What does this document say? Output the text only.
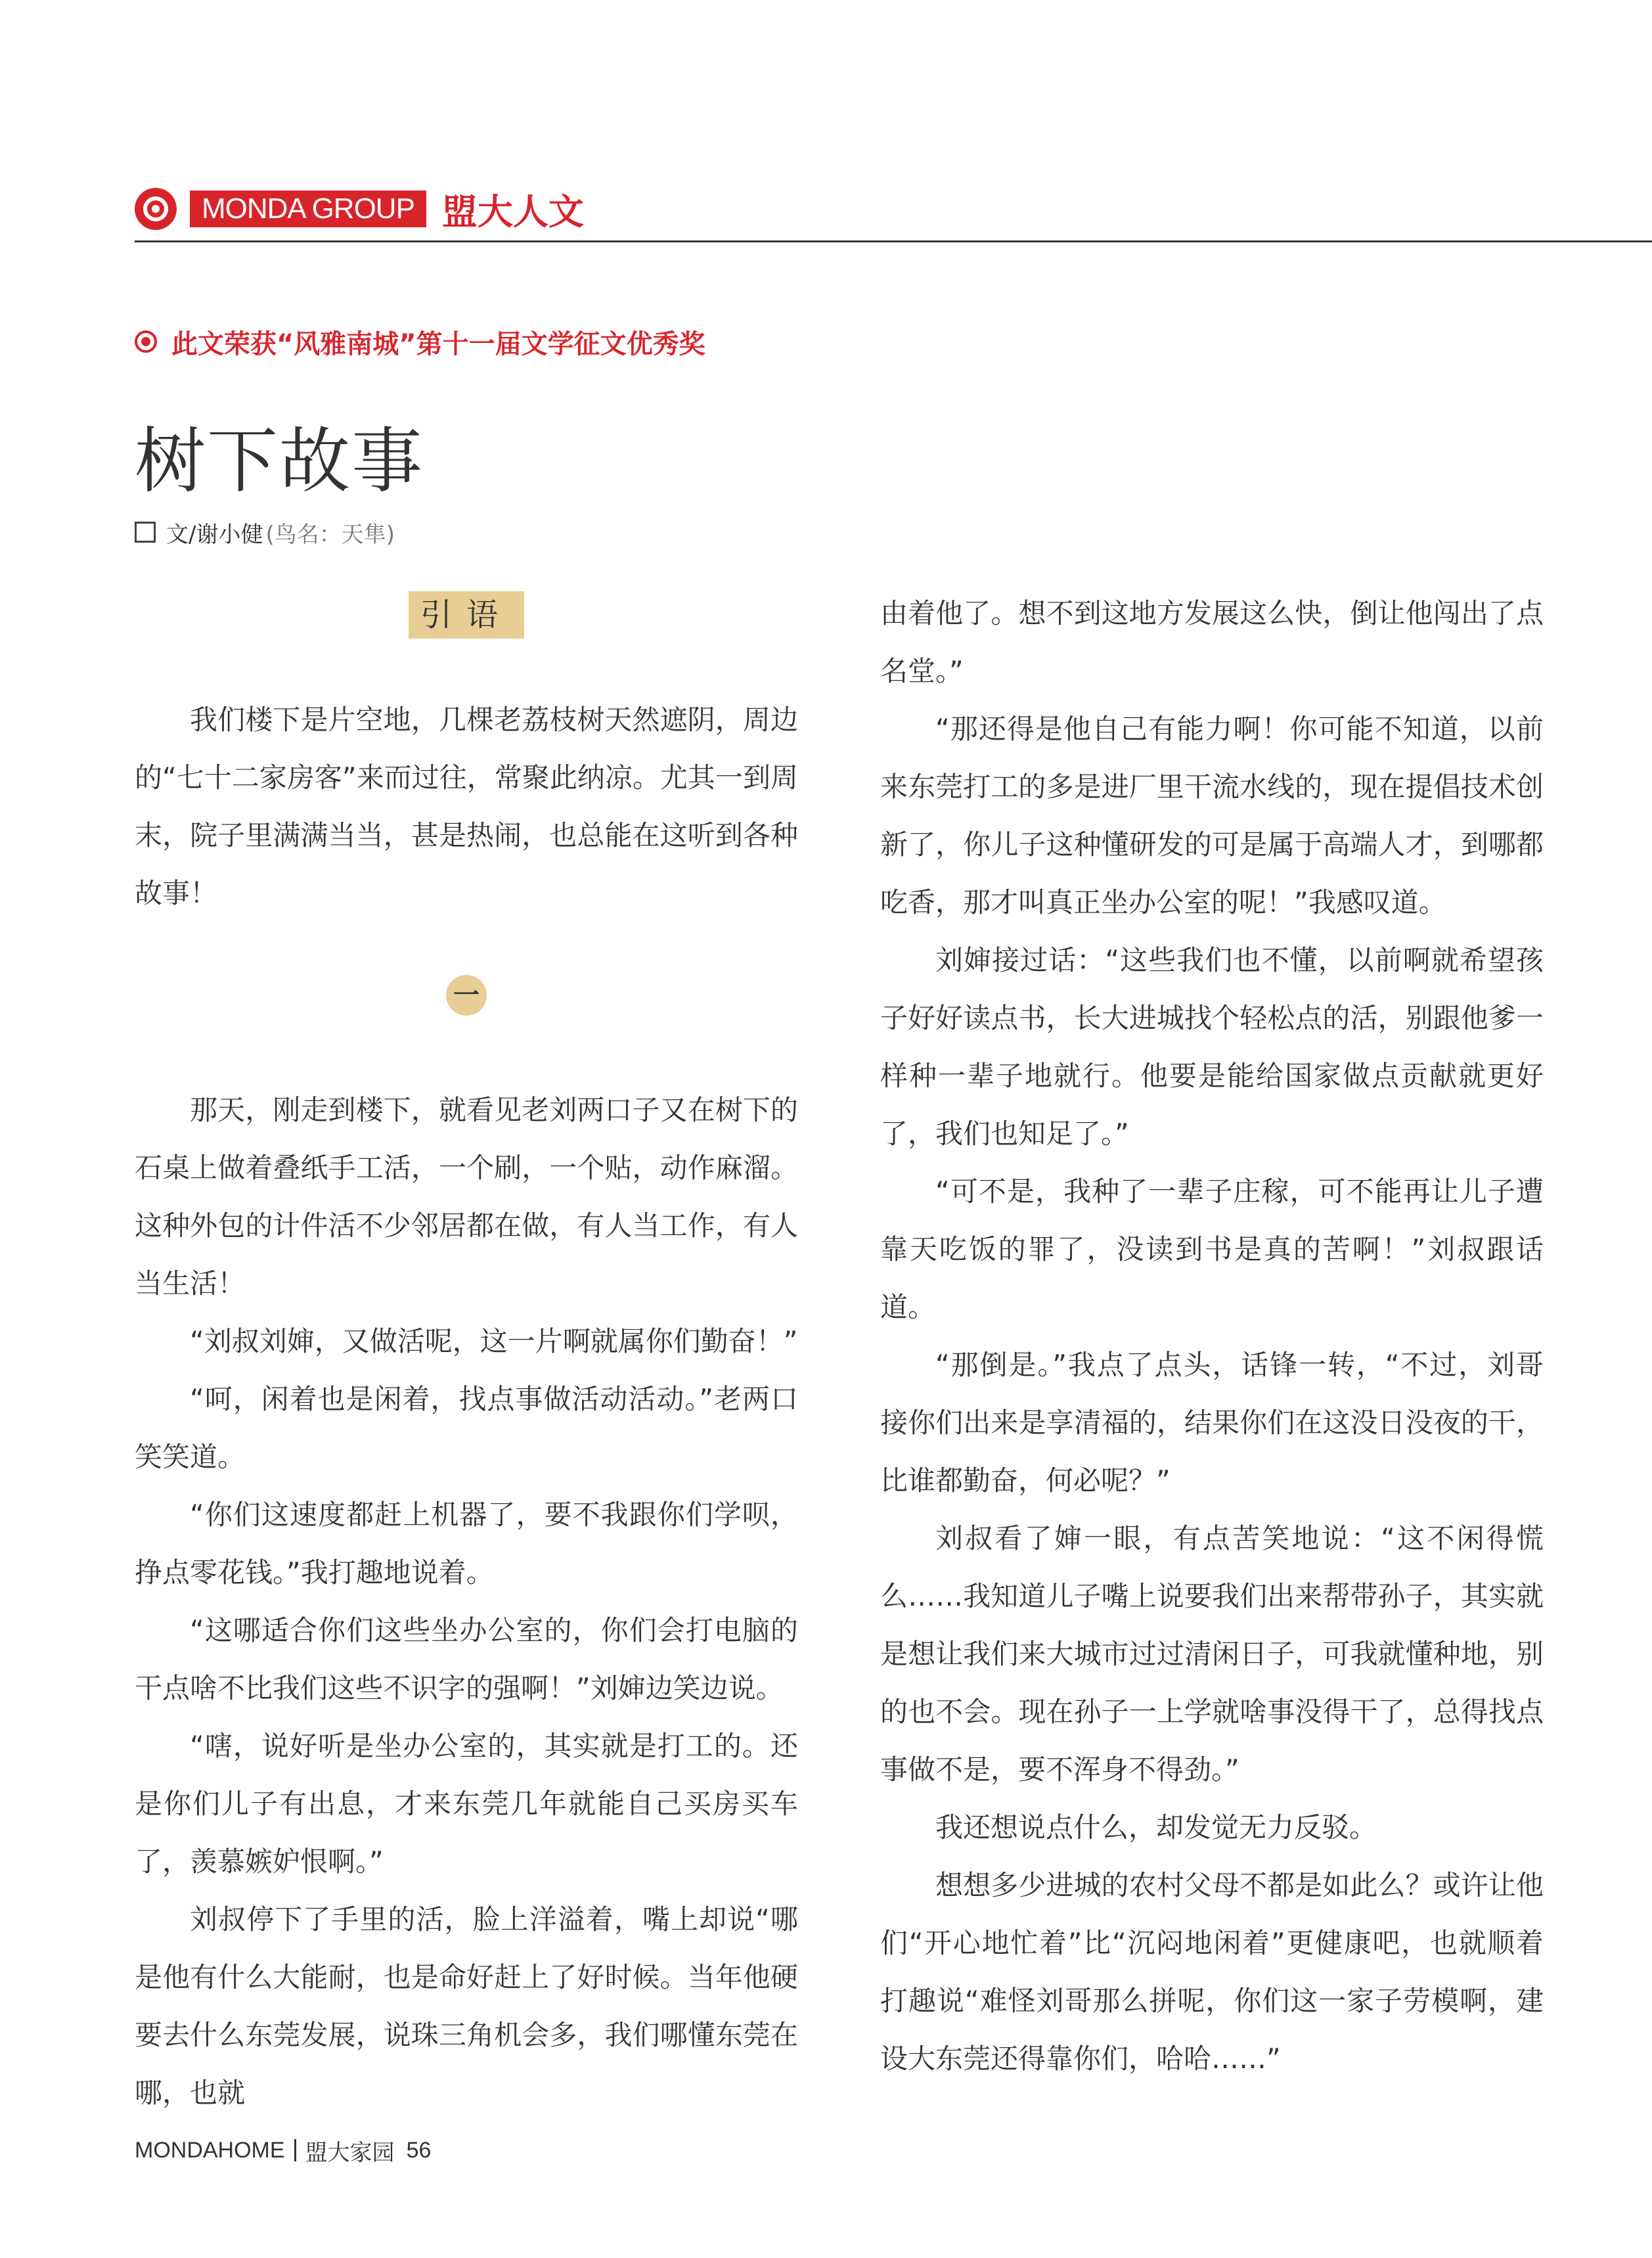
MONDA GROUP 盟大人文
此文荣获“风雅南城”第十一届文学征文优秀奖
树下故事
文/谢小健 (鸟名：天隼)
引语

我们楼下是片空地，几棵老荔枝树天然遮阴，周边的“七十二家房客”来而过往，常聚此纳凉。尤其一到周末，院子里满满当当，甚是热闹，也总能在这听到各种故事！

一

那天，刚走到楼下，就看见老刘两口子又在树下的石桌上做着叠纸手工活，一个刷，一个贴，动作麻溜。这种外包的计件活不少邻居都在做，有人当工作，有人当生活！

“刘叔刘婶，又做活呢，这一片啊就属你们勤奋！”

“呵，闲着也是闲着，找点事做活动活动。”老两口笑笑道。

“你们这速度都赶上机器了，要不我跟你们学呗，挣点零花钱。”我打趣地说着。

“这哪适合你们这些坐办公室的，你们会打电脑的干点啥不比我们这些不识字的强啊！”刘婶边笑边说。

“嗐，说好听是坐办公室的，其实就是打工的。还是你们儿子有出息，才来东莞几年就能自己买房买车了，羡慕嫉妒恨啊。”

刘叔停下了手里的活，脸上洋溢着，嘴上却说“哪是他有什么大能耐，也是命好赶上了好时候。当年他硬要去什么东莞发展，说珠三角机会多，我们哪懂东莞在哪，也就

由着他了。想不到这地方发展这么快，倒让他闯出了点名堂。”

“那还得是他自己有能力啊！你可能不知道，以前来东莞打工的多是进厂里干流水线的，现在提倡技术创新了，你儿子这种懂研发的可是属于高端人才，到哪都吃香，那才叫真正坐办公室的呢！”我感叹道。

刘婶接过话：“这些我们也不懂，以前啊就希望孩子好好读点书，长大进城找个轻松点的活，别跟他爹一样种一辈子地就行。他要是能给国家做点贡献就更好了，我们也知足了。”

“可不是，我种了一辈子庄稼，可不能再让儿子遭靠天吃饭的罪了，没读到书是真的苦啊！”刘叔跟话道。

“那倒是。”我点了点头，话锋一转，“不过，刘哥接你们出来是享清福的，结果你们在这没日没夜的干，比谁都勤奋，何必呢？”

刘叔看了婶一眼，有点苦笑地说：“这不闲得慌么……我知道儿子嘴上说要我们出来帮带孙子，其实就是想让我们来大城市过过清闲日子，可我就懂种地，别的也不会。现在孙子一上学就啥事没得干了，总得找点事做不是，要不浑身不得劲。”

我还想说点什么，却发觉无力反驳。

想想多少进城的农村父母不都是如此么？或许让他们“开心地忙着”比“沉闷地闲着”更健康吧，也就顺着打趣说“难怪刘哥那么拼呢，你们这一家子劳模啊，建设大东莞还得靠你们，哈哈……”

MONDAHOME 盟大家园 56
